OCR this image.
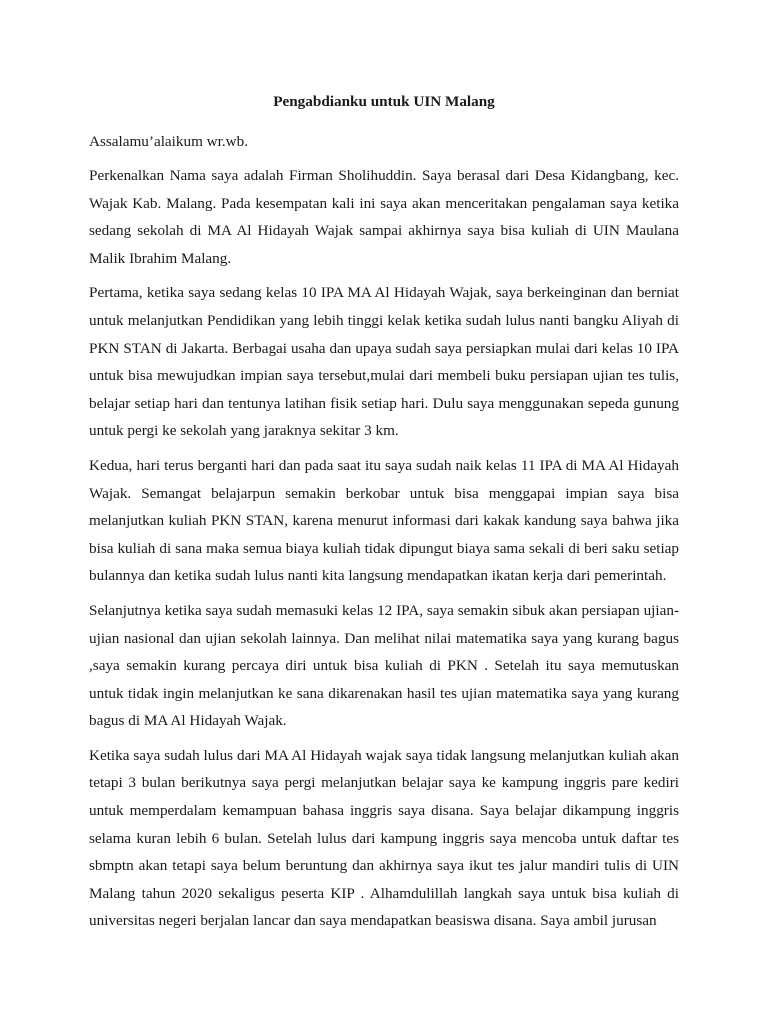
Pengabdianku untuk UIN Malang
Assalamu’alaikum wr.wb.
Perkenalkan Nama saya adalah Firman Sholihuddin. Saya berasal dari Desa Kidangbang, kec. Wajak Kab. Malang. Pada kesempatan kali ini saya akan menceritakan pengalaman saya ketika sedang sekolah di MA Al Hidayah Wajak sampai akhirnya saya bisa kuliah di UIN Maulana Malik Ibrahim Malang.
Pertama, ketika saya sedang kelas 10 IPA MA Al Hidayah Wajak, saya berkeinginan dan berniat untuk melanjutkan Pendidikan yang lebih tinggi kelak ketika sudah lulus nanti bangku Aliyah di PKN STAN di Jakarta. Berbagai usaha dan upaya sudah saya persiapkan mulai dari kelas 10 IPA untuk bisa mewujudkan impian saya tersebut,mulai dari membeli buku persiapan ujian tes tulis, belajar setiap hari dan tentunya latihan fisik setiap hari. Dulu saya menggunakan sepeda gunung untuk pergi ke sekolah yang jaraknya sekitar 3 km.
Kedua, hari terus berganti hari dan pada saat itu saya sudah naik kelas 11 IPA di MA Al Hidayah Wajak. Semangat belajarpun semakin berkobar untuk bisa menggapai impian saya bisa melanjutkan kuliah PKN STAN, karena menurut informasi dari kakak kandung saya bahwa jika bisa kuliah di sana maka semua biaya kuliah tidak dipungut biaya sama sekali di beri saku setiap bulannya dan ketika sudah lulus nanti kita langsung mendapatkan ikatan kerja dari pemerintah.
Selanjutnya ketika saya sudah memasuki kelas 12 IPA, saya semakin sibuk akan persiapan ujian-ujian nasional dan ujian sekolah lainnya. Dan melihat nilai matematika saya yang kurang bagus ,saya semakin kurang percaya diri untuk bisa kuliah di PKN . Setelah itu saya memutuskan untuk tidak ingin melanjutkan ke sana dikarenakan hasil tes ujian matematika saya yang kurang bagus di MA Al Hidayah Wajak.
Ketika saya sudah lulus dari MA Al Hidayah wajak saya tidak langsung melanjutkan kuliah akan tetapi 3 bulan berikutnya saya pergi melanjutkan belajar saya ke kampung inggris pare kediri untuk memperdalam kemampuan bahasa inggris saya disana. Saya belajar dikampung inggris selama kuran lebih 6 bulan. Setelah lulus dari kampung inggris saya mencoba untuk daftar tes sbmptn akan tetapi saya belum beruntung dan akhirnya saya ikut tes jalur mandiri tulis di UIN Malang tahun 2020 sekaligus peserta KIP . Alhamdulillah langkah saya untuk bisa kuliah di universitas negeri berjalan lancar dan saya mendapatkan beasiswa disana. Saya ambil jurusan
